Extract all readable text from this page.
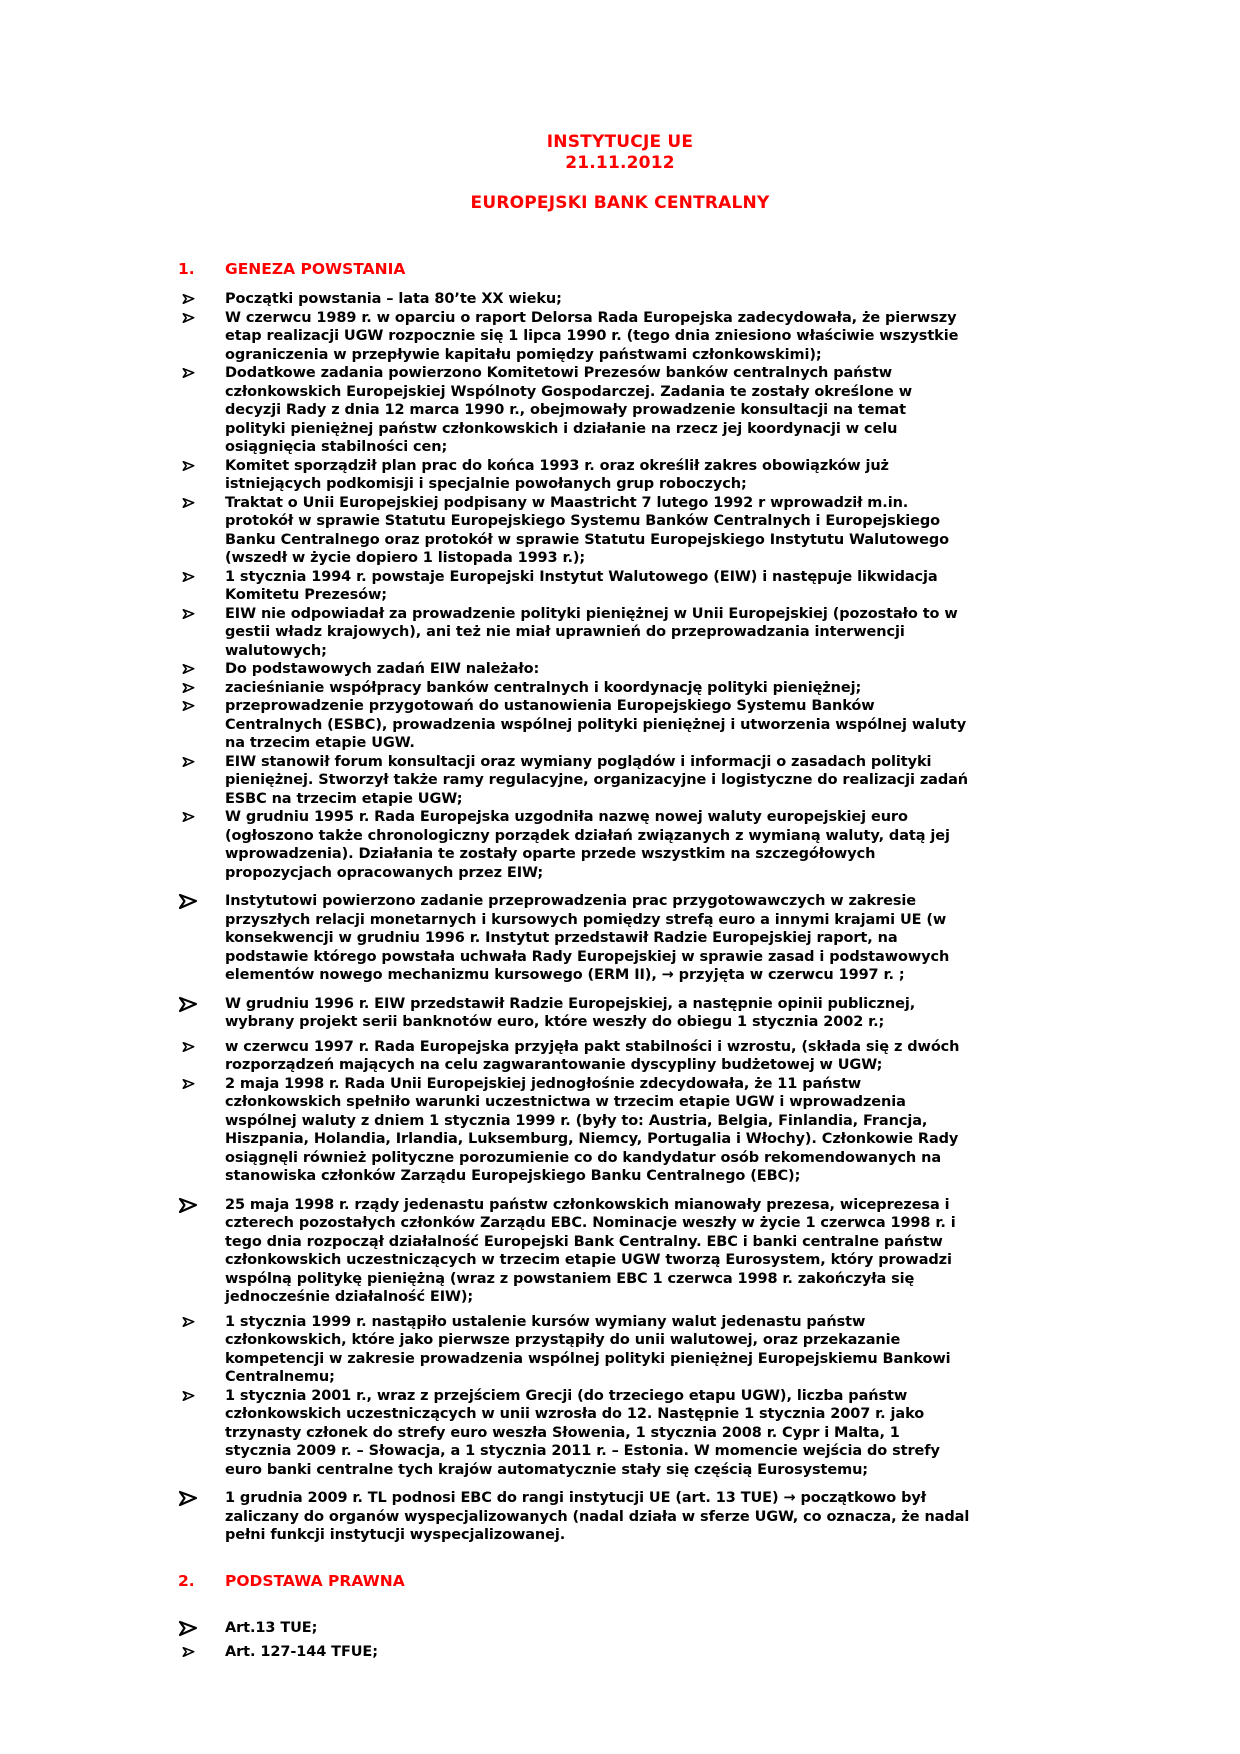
INSTYTUCJE UE
21.11.2012
EUROPEJSKI BANK CENTRALNY
1.	GENEZA POWSTANIA
Początki powstania – lata 80’te XX wieku;
W czerwcu 1989 r. w oparciu o raport Delorsa Rada Europejska zadecydowała, że pierwszy etap realizacji UGW rozpocznie się 1 lipca 1990 r. (tego dnia zniesiono właściwie wszystkie ograniczenia w przepływie kapitału pomiędzy państwami członkowskimi);
Dodatkowe zadania powierzono Komitetowi Prezesów banków centralnych państw członkowskich Europejskiej Wspólnoty Gospodarczej. Zadania te zostały określone w decyzji Rady z dnia 12 marca 1990 r., obejmowały prowadzenie konsultacji na temat polityki pieniężnej państw członkowskich i działanie na rzecz jej koordynacji w celu osiągnięcia stabilności cen;
Komitet sporządził plan prac do końca 1993 r. oraz określił zakres obowiązków już istniejących podkomisji i specjalnie powołanych grup roboczych;
Traktat o Unii Europejskiej podpisany w Maastricht 7 lutego 1992 r wprowadził m.in. protokół w sprawie Statutu Europejskiego Systemu Banków Centralnych i Europejskiego Banku Centralnego oraz protokół w sprawie Statutu Europejskiego Instytutu Walutowego (wszedł w życie dopiero 1 listopada 1993 r.);
1 stycznia 1994 r. powstaje Europejski Instytut Walutowego (EIW) i następuje likwidacja Komitetu Prezesów;
EIW nie odpowiadał za prowadzenie polityki pieniężnej w Unii Europejskiej (pozostało to w gestii władz krajowych), ani też nie miał uprawnień do przeprowadzania interwencji walutowych;
Do podstawowych zadań EIW należało:
zacieśnianie współpracy banków centralnych i koordynację polityki pieniężnej;
przeprowadzenie przygotowań do ustanowienia Europejskiego Systemu Banków Centralnych (ESBC), prowadzenia wspólnej polityki pieniężnej i utworzenia wspólnej waluty na trzecim etapie UGW.
EIW stanowił forum konsultacji oraz wymiany poglądów i informacji o zasadach polityki pieniężnej. Stworzył także ramy regulacyjne, organizacyjne i logistyczne do realizacji zadań ESBC na trzecim etapie UGW;
W grudniu 1995 r. Rada Europejska uzgodniła nazwę nowej waluty europejskiej euro (ogłoszono także chronologiczny porządek działań związanych z wymianą waluty, datą jej wprowadzenia). Działania te zostały oparte przede wszystkim na szczegółowych propozycjach opracowanych przez EIW;
Instytutowi powierzono zadanie przeprowadzenia prac przygotowawczych w zakresie przyszłych relacji monetarnych i kursowych pomiędzy strefą euro a innymi krajami UE (w konsekwencji w grudniu 1996 r. Instytut przedstawił Radzie Europejskiej raport, na podstawie którego powstała uchwała Rady Europejskiej w sprawie zasad i podstawowych elementów nowego mechanizmu kursowego (ERM II), → przyjęta w czerwcu 1997 r. ;
W grudniu 1996 r. EIW przedstawił Radzie Europejskiej, a następnie opinii publicznej, wybrany projekt serii banknotów euro, które weszły do obiegu 1 stycznia 2002 r.;
w czerwcu 1997 r. Rada Europejska przyjęła pakt stabilności i wzrostu, (składa się z dwóch rozporządzeń mających na celu zagwarantowanie dyscypliny budżetowej w UGW;
2 maja 1998 r. Rada Unii Europejskiej jednogłośnie zdecydowała, że 11 państw członkowskich spełniło warunki uczestnictwa w trzecim etapie UGW i wprowadzenia wspólnej waluty z dniem 1 stycznia 1999 r. (były to: Austria, Belgia, Finlandia, Francja, Hiszpania, Holandia, Irlandia, Luksemburg, Niemcy, Portugalia i Włochy). Członkowie Rady osiągnęli również polityczne porozumienie co do kandydatur osób rekomendowanych na stanowiska członków Zarządu Europejskiego Banku Centralnego (EBC);
25 maja 1998 r. rządy jedenastu państw członkowskich mianowały prezesa, wiceprezesa i czterech pozostałych członków Zarządu EBC. Nominacje weszły w życie 1 czerwca 1998 r. i tego dnia rozpoczął działalność Europejski Bank Centralny. EBC i banki centralne państw członkowskich uczestniczących w trzecim etapie UGW tworzą Eurosystem, który prowadzi wspólną politykę pieniężną (wraz z powstaniem EBC 1 czerwca 1998 r. zakończyła się jednocześnie działalność EIW);
1 stycznia 1999 r. nastąpiło ustalenie kursów wymiany walut jedenastu państw członkowskich, które jako pierwsze przystąpiły do unii walutowej, oraz przekazanie kompetencji w zakresie prowadzenia wspólnej polityki pieniężnej Europejskiemu Bankowi Centralnemu;
1 stycznia 2001 r., wraz z przejściem Grecji (do trzeciego etapu UGW), liczba państw członkowskich uczestniczących w unii wzrosła do 12. Następnie 1 stycznia 2007 r. jako trzynasty członek do strefy euro weszła Słowenia, 1 stycznia 2008 r. Cypr i Malta, 1 stycznia 2009 r. – Słowacja, a 1 stycznia 2011 r. – Estonia. W momencie wejścia do strefy euro banki centralne tych krajów automatycznie stały się częścią Eurosystemu;
1 grudnia 2009 r. TL podnosi EBC do rangi instytucji UE (art. 13 TUE) → początkowo był zaliczany do organów wyspecjalizowanych (nadal działa w sferze UGW, co oznacza, że nadal pełni funkcji instytucji wyspecjalizowanej.
2.	PODSTAWA PRAWNA
Art.13 TUE;
Art. 127-144 TFUE;
